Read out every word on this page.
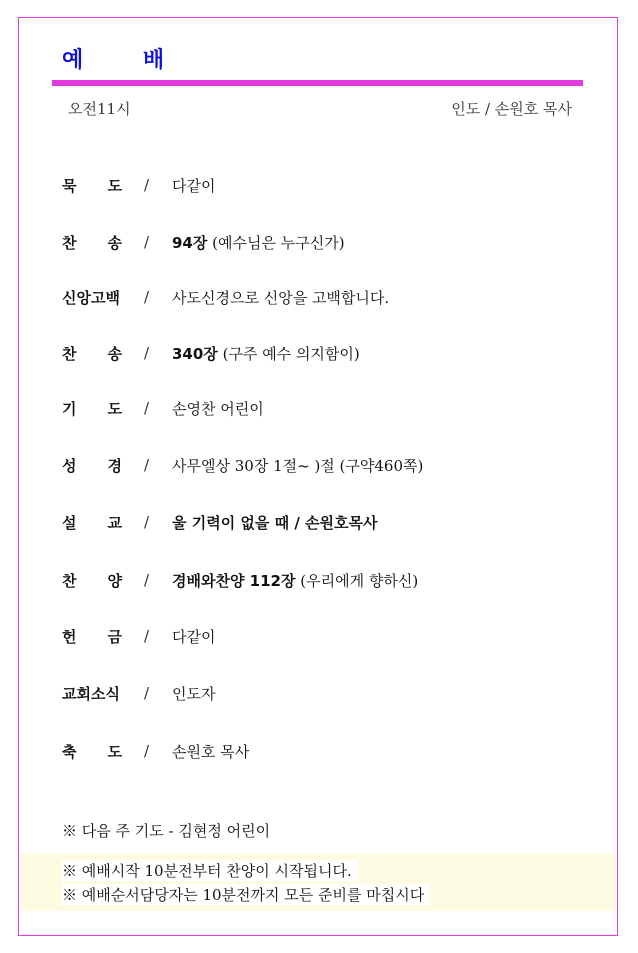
예 배
오전11시	인도 / 손원호 목사
묵 도 /	다같이
찬 송 /	94장 (예수님은 누구신가)
신앙고백	/	사도신경으로 신앙을 고백합니다.
찬 송 /	340장 (구주 예수 의지함이)
기 도 /	손영찬 어린이
성 경 /	사무엘상 30장 1절~ )절 (구약460쪽)
설 교 /	울 기력이 없을 때 / 손원호목사
찬 양 /	경배와찬양 112장 (우리에게 향하신)
헌 금 /	다같이
교회소식	/	인도자
축 도 /	손원호 목사
※ 다음 주 기도 - 김현정 어린이
※ 예배시작 10분전부터 찬양이 시작됩니다.
※ 예배순서담당자는 10분전까지 모든 준비를 마칩시다
